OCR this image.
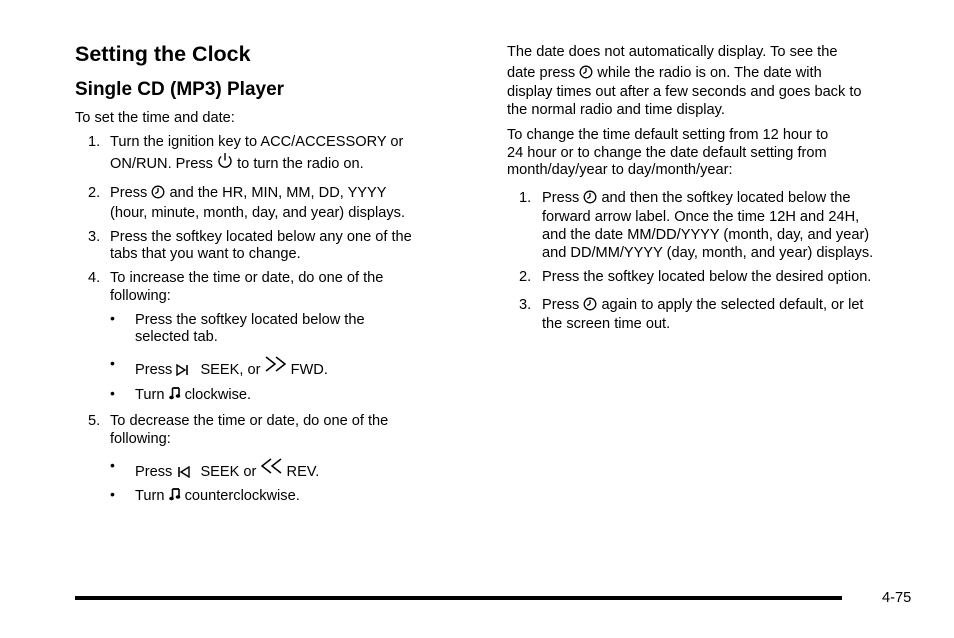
Setting the Clock
Single CD (MP3) Player
To set the time and date:
1. Turn the ignition key to ACC/ACCESSORY or
ON/RUN. Press to turn the radio on.
2. Press and the HR, MIN, MM, DD, YYYY
(hour, minute, month, day, and year) displays.
3. Press the softkey located below any one of the
tabs that you want to change.
4. To increase the time or date, do one of the
following:
• Press the softkey located below the
selected tab.
• Press SEEK, or FWD.
• Turn clockwise.
5. To decrease the time or date, do one of the
following:
• Press SEEK or REV.
• Turn counterclockwise.
The date does not automatically display. To see the
date press while the radio is on. The date with
display times out after a few seconds and goes back to
the normal radio and time display.
To change the time default setting from 12 hour to
24 hour or to change the date default setting from
month/day/year to day/month/year:
1. Press and then the softkey located below the
forward arrow label. Once the time 12H and 24H,
and the date MM/DD/YYYY (month, day, and year)
and DD/MM/YYYY (day, month, and year) displays.
2. Press the softkey located below the desired option.
3. Press again to apply the selected default, or let
the screen time out.
4-75
